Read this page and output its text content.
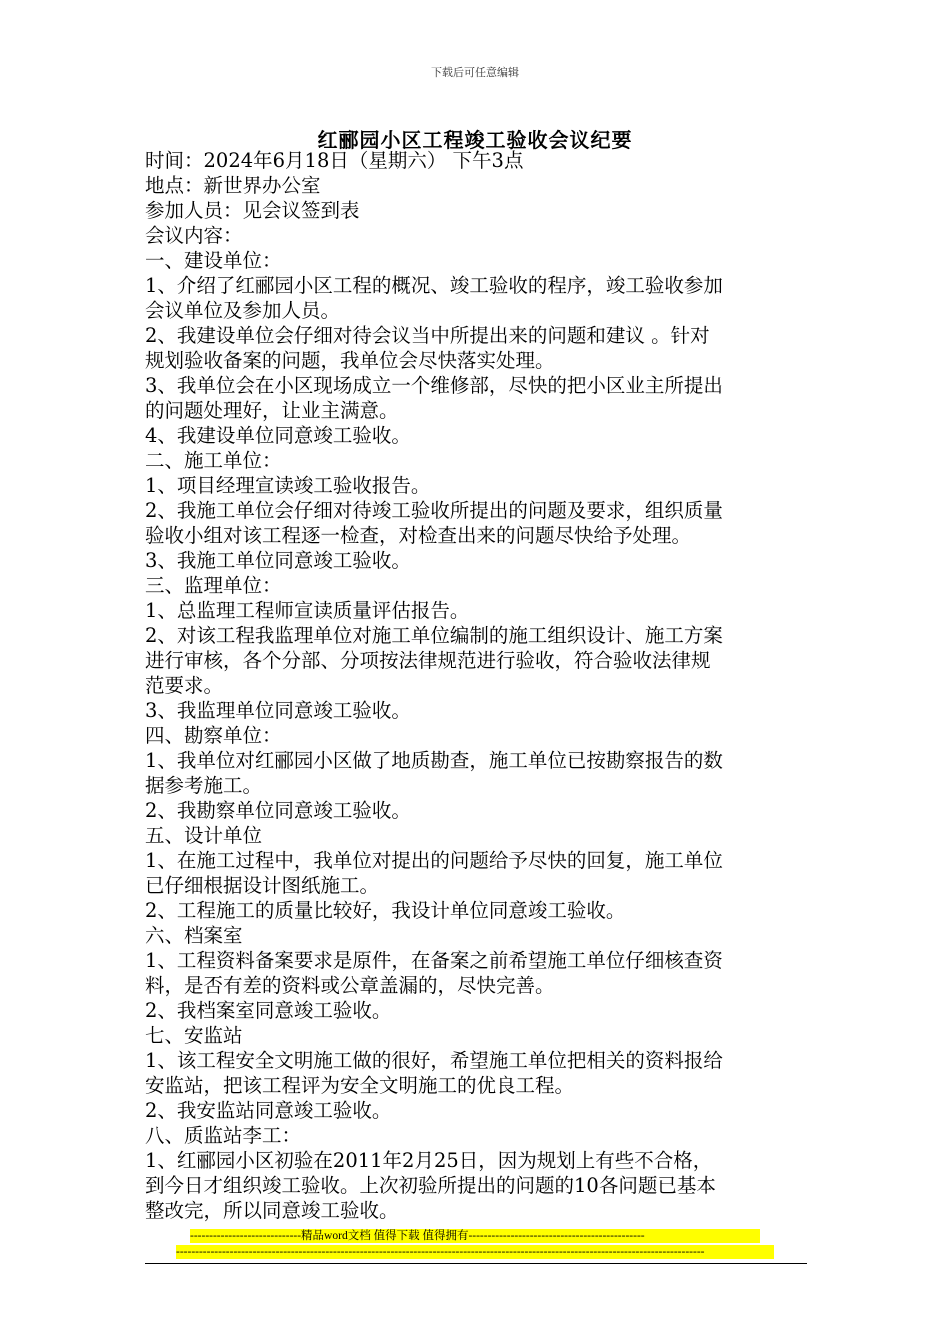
下载后可任意编辑
红郦园小区工程竣工验收会议纪要
时间：2024年6月18日（星期六） 下午3点
地点：新世界办公室
参加人员：见会议签到表
会议内容：
一、建设单位：
1、介绍了红郦园小区工程的概况、竣工验收的程序，竣工验收参加
会议单位及参加人员。
2、我建设单位会仔细对待会议当中所提出来的问题和建议 。针对
规划验收备案的问题，我单位会尽快落实处理。
3、我单位会在小区现场成立一个维修部，尽快的把小区业主所提出
的问题处理好，让业主满意。
4、我建设单位同意竣工验收。
二、施工单位：
1、项目经理宣读竣工验收报告。
2、我施工单位会仔细对待竣工验收所提出的问题及要求，组织质量
验收小组对该工程逐一检查，对检查出来的问题尽快给予处理。
3、我施工单位同意竣工验收。
三、监理单位：
1、总监理工程师宣读质量评估报告。
2、对该工程我监理单位对施工单位编制的施工组织设计、施工方案
进行审核，各个分部、分项按法律规范进行验收，符合验收法律规
范要求。
3、我监理单位同意竣工验收。
四、勘察单位：
1、我单位对红郦园小区做了地质勘查，施工单位已按勘察报告的数
据参考施工。
2、我勘察单位同意竣工验收。
五、设计单位
1、在施工过程中，我单位对提出的问题给予尽快的回复，施工单位
已仔细根据设计图纸施工。
2、工程施工的质量比较好，我设计单位同意竣工验收。
六、档案室
1、工程资料备案要求是原件，在备案之前希望施工单位仔细核查资
料，是否有差的资料或公章盖漏的，尽快完善。
2、我档案室同意竣工验收。
七、安监站
1、该工程安全文明施工做的很好，希望施工单位把相关的资料报给
安监站，把该工程评为安全文明施工的优良工程。
2、我安监站同意竣工验收。
八、质监站李工：
1、红郦园小区初验在2011年2月25日，因为规划上有些不合格，
到今日才组织竣工验收。上次初验所提出的问题的10各问题已基本
整改完，所以同意竣工验收。
-----------------------------精品word文档 值得下载 值得拥有----------------------------------------------
------------------------------------------------------------------------------------------------------------------------------------------
